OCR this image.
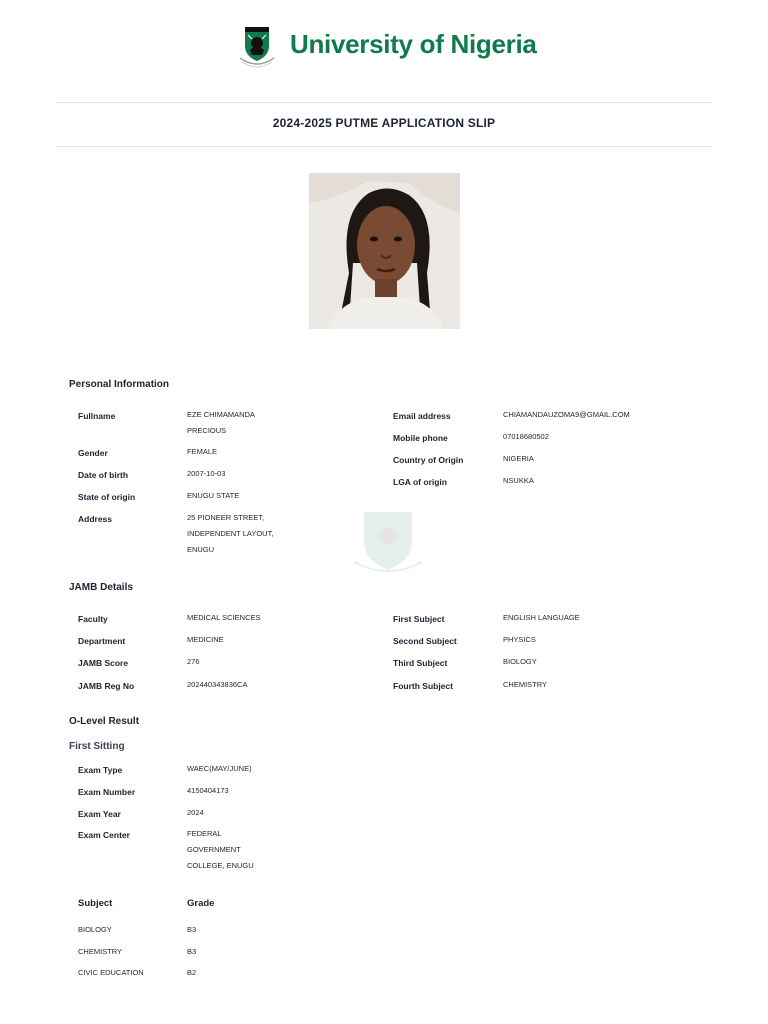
University of Nigeria
2024-2025 PUTME APPLICATION SLIP
Personal Information
Fullname	EZE CHIMAMANDA PRECIOUS
Gender	FEMALE
Date of birth	2007-10-03
State of origin	ENUGU STATE
Address	25 PIONEER STREET, INDEPENDENT LAYOUT, ENUGU
Email address	CHIAMANDAUZOMA9@GMAIL.COM
Mobile phone	07018680502
Country of Origin	NIGERIA
LGA of origin	NSUKKA
JAMB Details
Faculty	MEDICAL SCIENCES
Department	MEDICINE
JAMB Score	276
JAMB Reg No	202440343836CA
First Subject	ENGLISH LANGUAGE
Second Subject	PHYSICS
Third Subject	BIOLOGY
Fourth Subject	CHEMISTRY
O-Level Result
First Sitting
Exam Type	WAEC(MAY/JUNE)
Exam Number	4150404173
Exam Year	2024
Exam Center	FEDERAL GOVERNMENT COLLEGE, ENUGU
Subject	Grade
BIOLOGY	B3
CHEMISTRY	B3
CIVIC EDUCATION	B2
